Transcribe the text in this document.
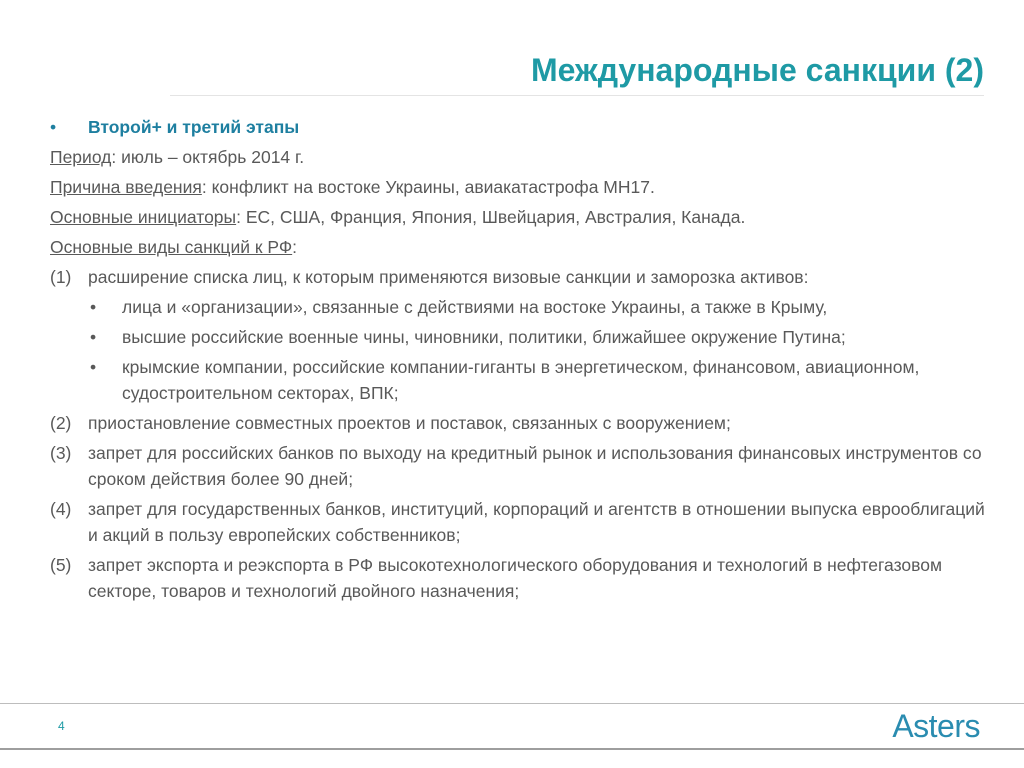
Международные санкции (2)
•	Второй+ и третий этапы
Период: июль – октябрь 2014 г.
Причина введения: конфликт на востоке Украины, авиакатастрофа МН17.
Основные инициаторы: ЕС, США, Франция, Япония, Швейцария, Австралия, Канада.
Основные виды санкций к РФ:
(1) расширение списка лиц, к которым применяются визовые санкции и заморозка активов:
•	лица и «организации», связанные с действиями на востоке Украины, а также в Крыму,
•	высшие российские военные чины, чиновники, политики, ближайшее окружение Путина;
•	крымские компании, российские компании-гиганты в энергетическом, финансовом, авиационном, судостроительном секторах, ВПК;
(2) приостановление совместных проектов и поставок, связанных с вооружением;
(3) запрет для российских банков по выходу на кредитный рынок и использования финансовых инструментов со сроком действия более 90 дней;
(4) запрет для государственных банков, институций, корпораций и агентств в отношении выпуска еврооблигаций и акций в пользу европейских собственников;
(5) запрет экспорта и реэкспорта в РФ высокотехнологического оборудования и технологий в нефтегазовом секторе, товаров и технологий двойного назначения;
4	Asters
